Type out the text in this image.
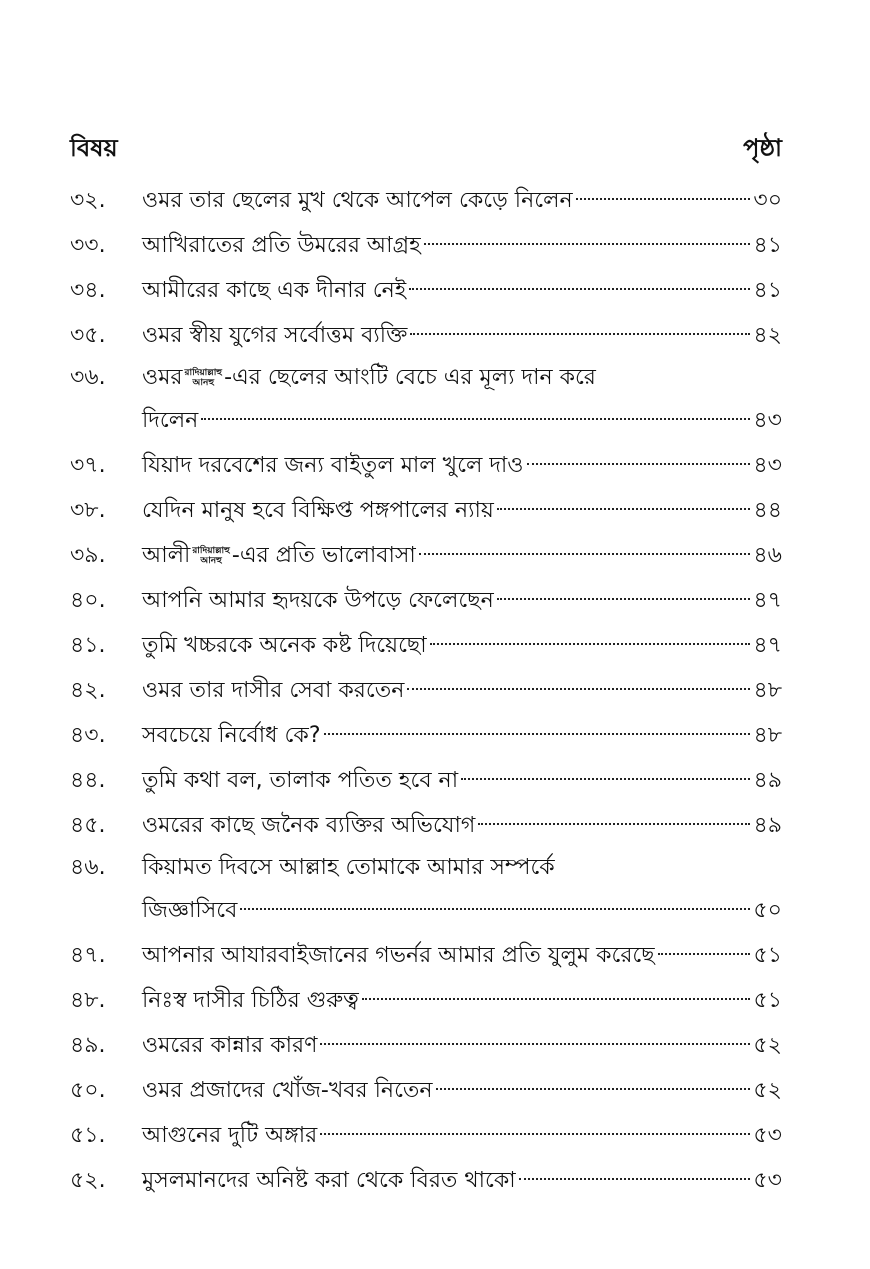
বিষয়	পৃষ্ঠা
৩২.	ওমর তার ছেলের মুখ থেকে আপেল কেড়ে নিলেন	৩০
৩৩.	আখিরাতের প্রতি উমরের আগ্রহ	৪১
৩৪.	আমীরের কাছে এক দীনার নেই	৪১
৩৫.	ওমর স্বীয় যুগের সর্বোত্তম ব্যক্তি	৪২
৩৬.	ওমর রাদিয়াল্লাহু
আনহু -এর ছেলের আংটি বেচে এর মূল্য দান করে
দিলেন	৪৩
৩৭.	যিয়াদ দরবেশের জন্য বাইতুল মাল খুলে দাও	৪৩
৩৮.	যেদিন মানুষ হবে বিক্ষিপ্ত পঙ্গপালের ন্যায়	৪৪
৩৯.	আলী রাদিয়াল্লাহু
আনহু -এর প্রতি ভালোবাসা	৪৬
৪০.	আপনি আমার হৃদয়কে উপড়ে ফেলেছেন	৪৭
৪১.	তুমি খচ্চরকে অনেক কষ্ট দিয়েছো	৪৭
৪২.	ওমর তার দাসীর সেবা করতেন	৪৮
৪৩.	সবচেয়ে নির্বোধ কে?	৪৮
৪৪.	তুমি কথা বল, তালাক পতিত হবে না	৪৯
৪৫.	ওমরের কাছে জনৈক ব্যক্তির অভিযোগ	৪৯
৪৬.	কিয়ামত দিবসে আল্লাহ তোমাকে আমার সম্পর্কে
জিজ্ঞাসিবে	৫০
৪৭.	আপনার আযারবাইজানের গভর্নর আমার প্রতি যুলুম করেছে	৫১
৪৮.	নিঃস্ব দাসীর চিঠির গুরুত্ব	৫১
৪৯.	ওমরের কান্নার কারণ	৫২
৫০.	ওমর প্রজাদের খোঁজ-খবর নিতেন	৫২
৫১.	আগুনের দুটি অঙ্গার	৫৩
৫২.	মুসলমানদের অনিষ্ট করা থেকে বিরত থাকো	৫৩
